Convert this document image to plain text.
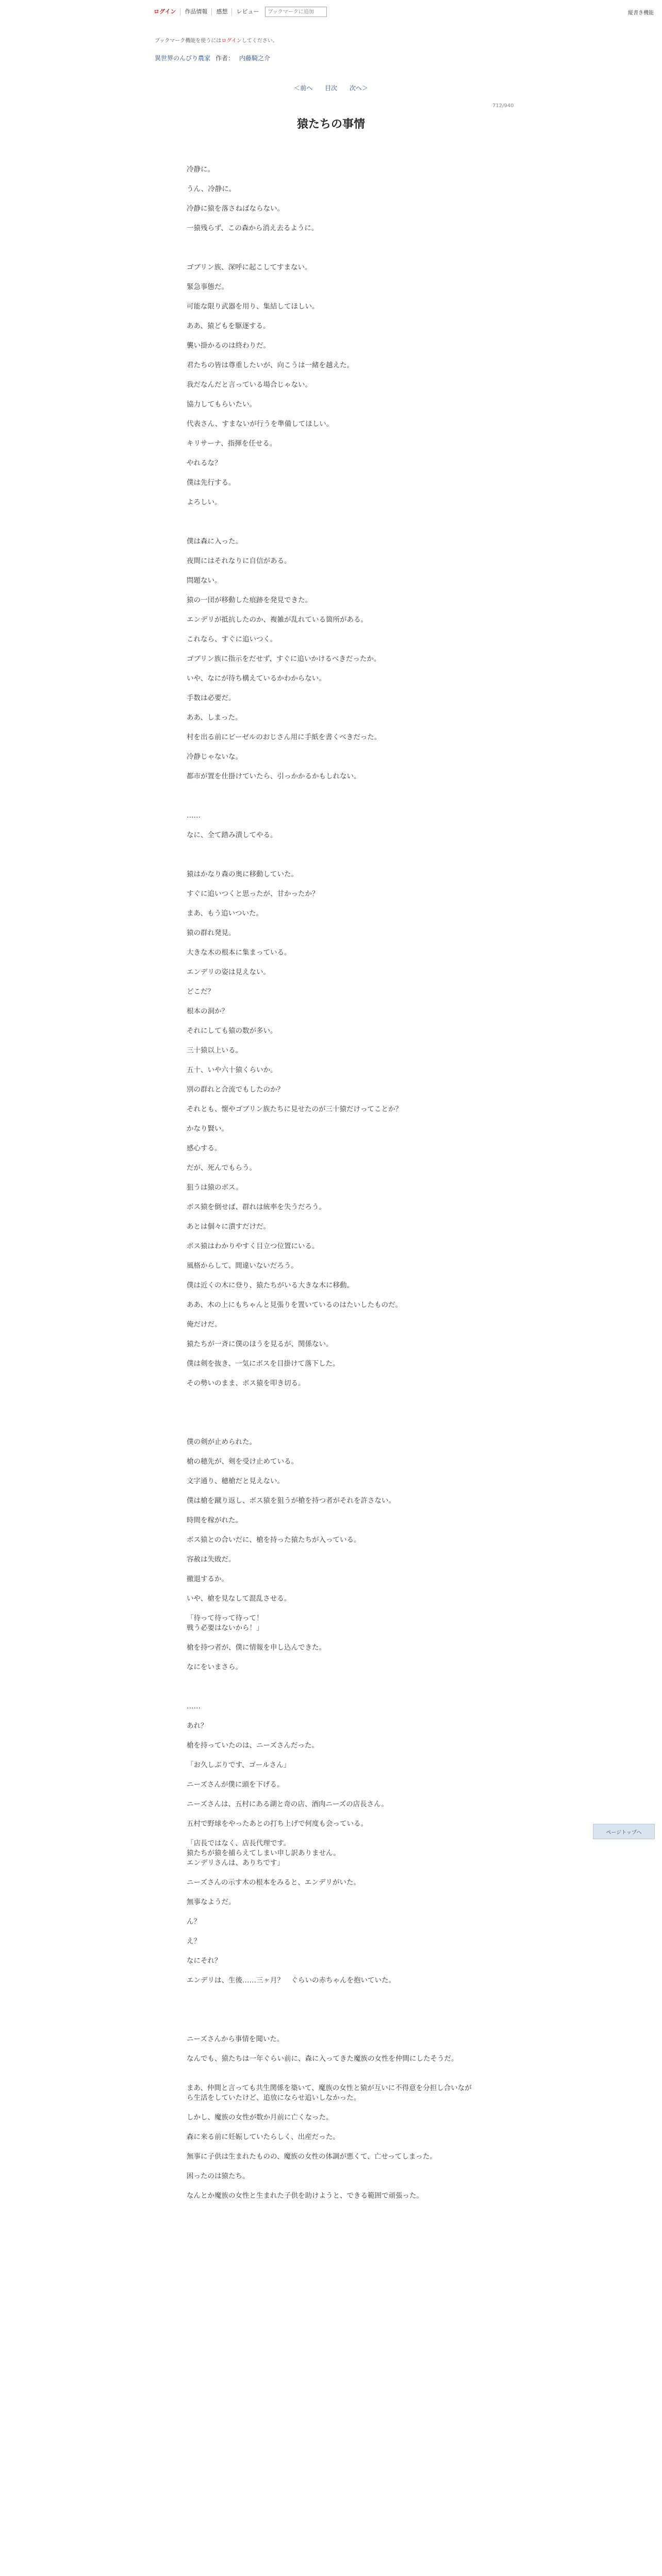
ログイン	作品情報	感想	レビュー
ブックマークに追加	縦書き機能
ブックマーク機能を使うにはログインしてください。
異世界のんびり農家 作者： 内藤騎之介
＜前へ 目次 次へ＞
712/940
猿たちの事情

冷静に。

うん、冷静に。

冷静に猿を落さねばならない。

一猿残らず、この森から消え去るように。

ゴブリン族、深呼に起こしてすまない。

緊急事態だ。

可能な限り武器を用り、集結してほしい。

ああ、猿どもを駆逐する。

襲い掛かるのは終わりだ。

君たちの皆は尊重したいが、向こうは一緒を越えた。

我だなんだと言っている場合じゃない。

協力してもらいたい。

代表さん、すまないが行うを準備してほしい。

キリサーナ、指揮を任せる。

やれるな？

僕は先行する。

よろしい。

僕は森に入った。

夜間にはそれなりに自信がある。

問題ない。

猿の一団が移動した痕跡を発見できた。

エンデリが抵抗したのか、複雑が乱れている箇所がある。

これなら、すぐに追いつく。

ゴブリン族に指示をだせず、すぐに追いかけるべきだったか。

いや、なにが待ち構えているかわからない。

手数は必要だ。

ああ、しまった。

村を出る前にビーゼルのおじさん用に手紙を書くべきだった。

冷静じゃないな。

都市が置を仕掛けていたら、引っかかるかもしれない。

……

なに、全て踏み潰してやる。

猿はかなり森の奥に移動していた。

すぐに追いつくと思ったが、甘かったか？

まあ、もう追いついた。

猿の群れ発見。

大きな木の根本に集まっている。

エンデリの姿は見えない。

どこだ？

根本の洞か？

それにしても猿の数が多い。

三十猿以上いる。

五十、いや六十猿くらいか。

別の群れと合流でもしたのか？

それとも、懐やゴブリン族たちに見せたのが三十猿だけってことか？

かなり賢い。

感心する。

だが、死んでもらう。

狙うは猿のボス。

ボス猿を倒せば、群れは統率を失うだろう。

あとは個々に潰すだけだ。

ボス猿はわかりやすく目立つ位置にいる。

風格からして、間違いないだろう。

僕は近くの木に登り、猿たちがいる大きな木に移動。

ああ、木の上にもちゃんと見張りを置いているのはたいしたものだ。

俺だけだ。

猿たちが一斉に僕のほうを見るが、関係ない。

僕は剣を抜き、一気にボスを目掛けて落下した。

その勢いのまま、ボス猿を叩き切る。

僕の剣が止められた。

槍の穂先が、剣を受け止めている。

文字通り、穂槍だと見えない。

僕は槍を蹴り返し、ボス猿を狙うが槍を持つ者がそれを許さない。

時間を稼がれた。

ボス猿との合いだに、槍を持った猿たちが入っている。

容赦は失敗だ。

撤退するか。

いや、槍を見なして混乱させる。

「待って待って待って！
戦う必要はないから！」

槍を持つ者が、僕に情報を申し込んできた。

なにをいまさら。

……

あれ？

槍を持っていたのは、ニーズさんだった。

「お久しぶりです、ゴールさん」

ニーズさんが僕に頭を下げる。

ニーズさんは、五村にある湖と奇の店、酒肉ニーズの店長さん。

五村で野球をやったあとの打ち上げで何度も会っている。

「店長ではなく、店長代理です。
猿たちが猿を捕らえてしまい申し訳ありません。
エンデリさんは、ありちです」

ニーズさんの示す木の根本をみると、エンデリがいた。

無事なようだ。

ん？

え？

なにそれ？

エンデリは、生後……三ヶ月？　ぐらいの赤ちゃんを抱いていた。

ニーズさんから事情を聞いた。

なんでも、猿たちは一年ぐらい前に、森に入ってきた魔族の女性を仲間にしたそうだ。

まあ、仲間と言っても共生関係を築いて、魔族の女性と猿が互いに不得意を分担し合いながら生活をしていたけど、追放にならせ追いしなかった。

しかし、魔族の女性が数か月前に亡くなった。

森に来る前に妊娠していたらしく、出産だった。

無事に子供は生まれたものの、魔族の女性の体調が悪くて、亡せってしまった。

困ったのは猿たち。

なんとか魔族の女性と生まれた子供を助けようと、できる範囲で頑張った。

ページトップへ
